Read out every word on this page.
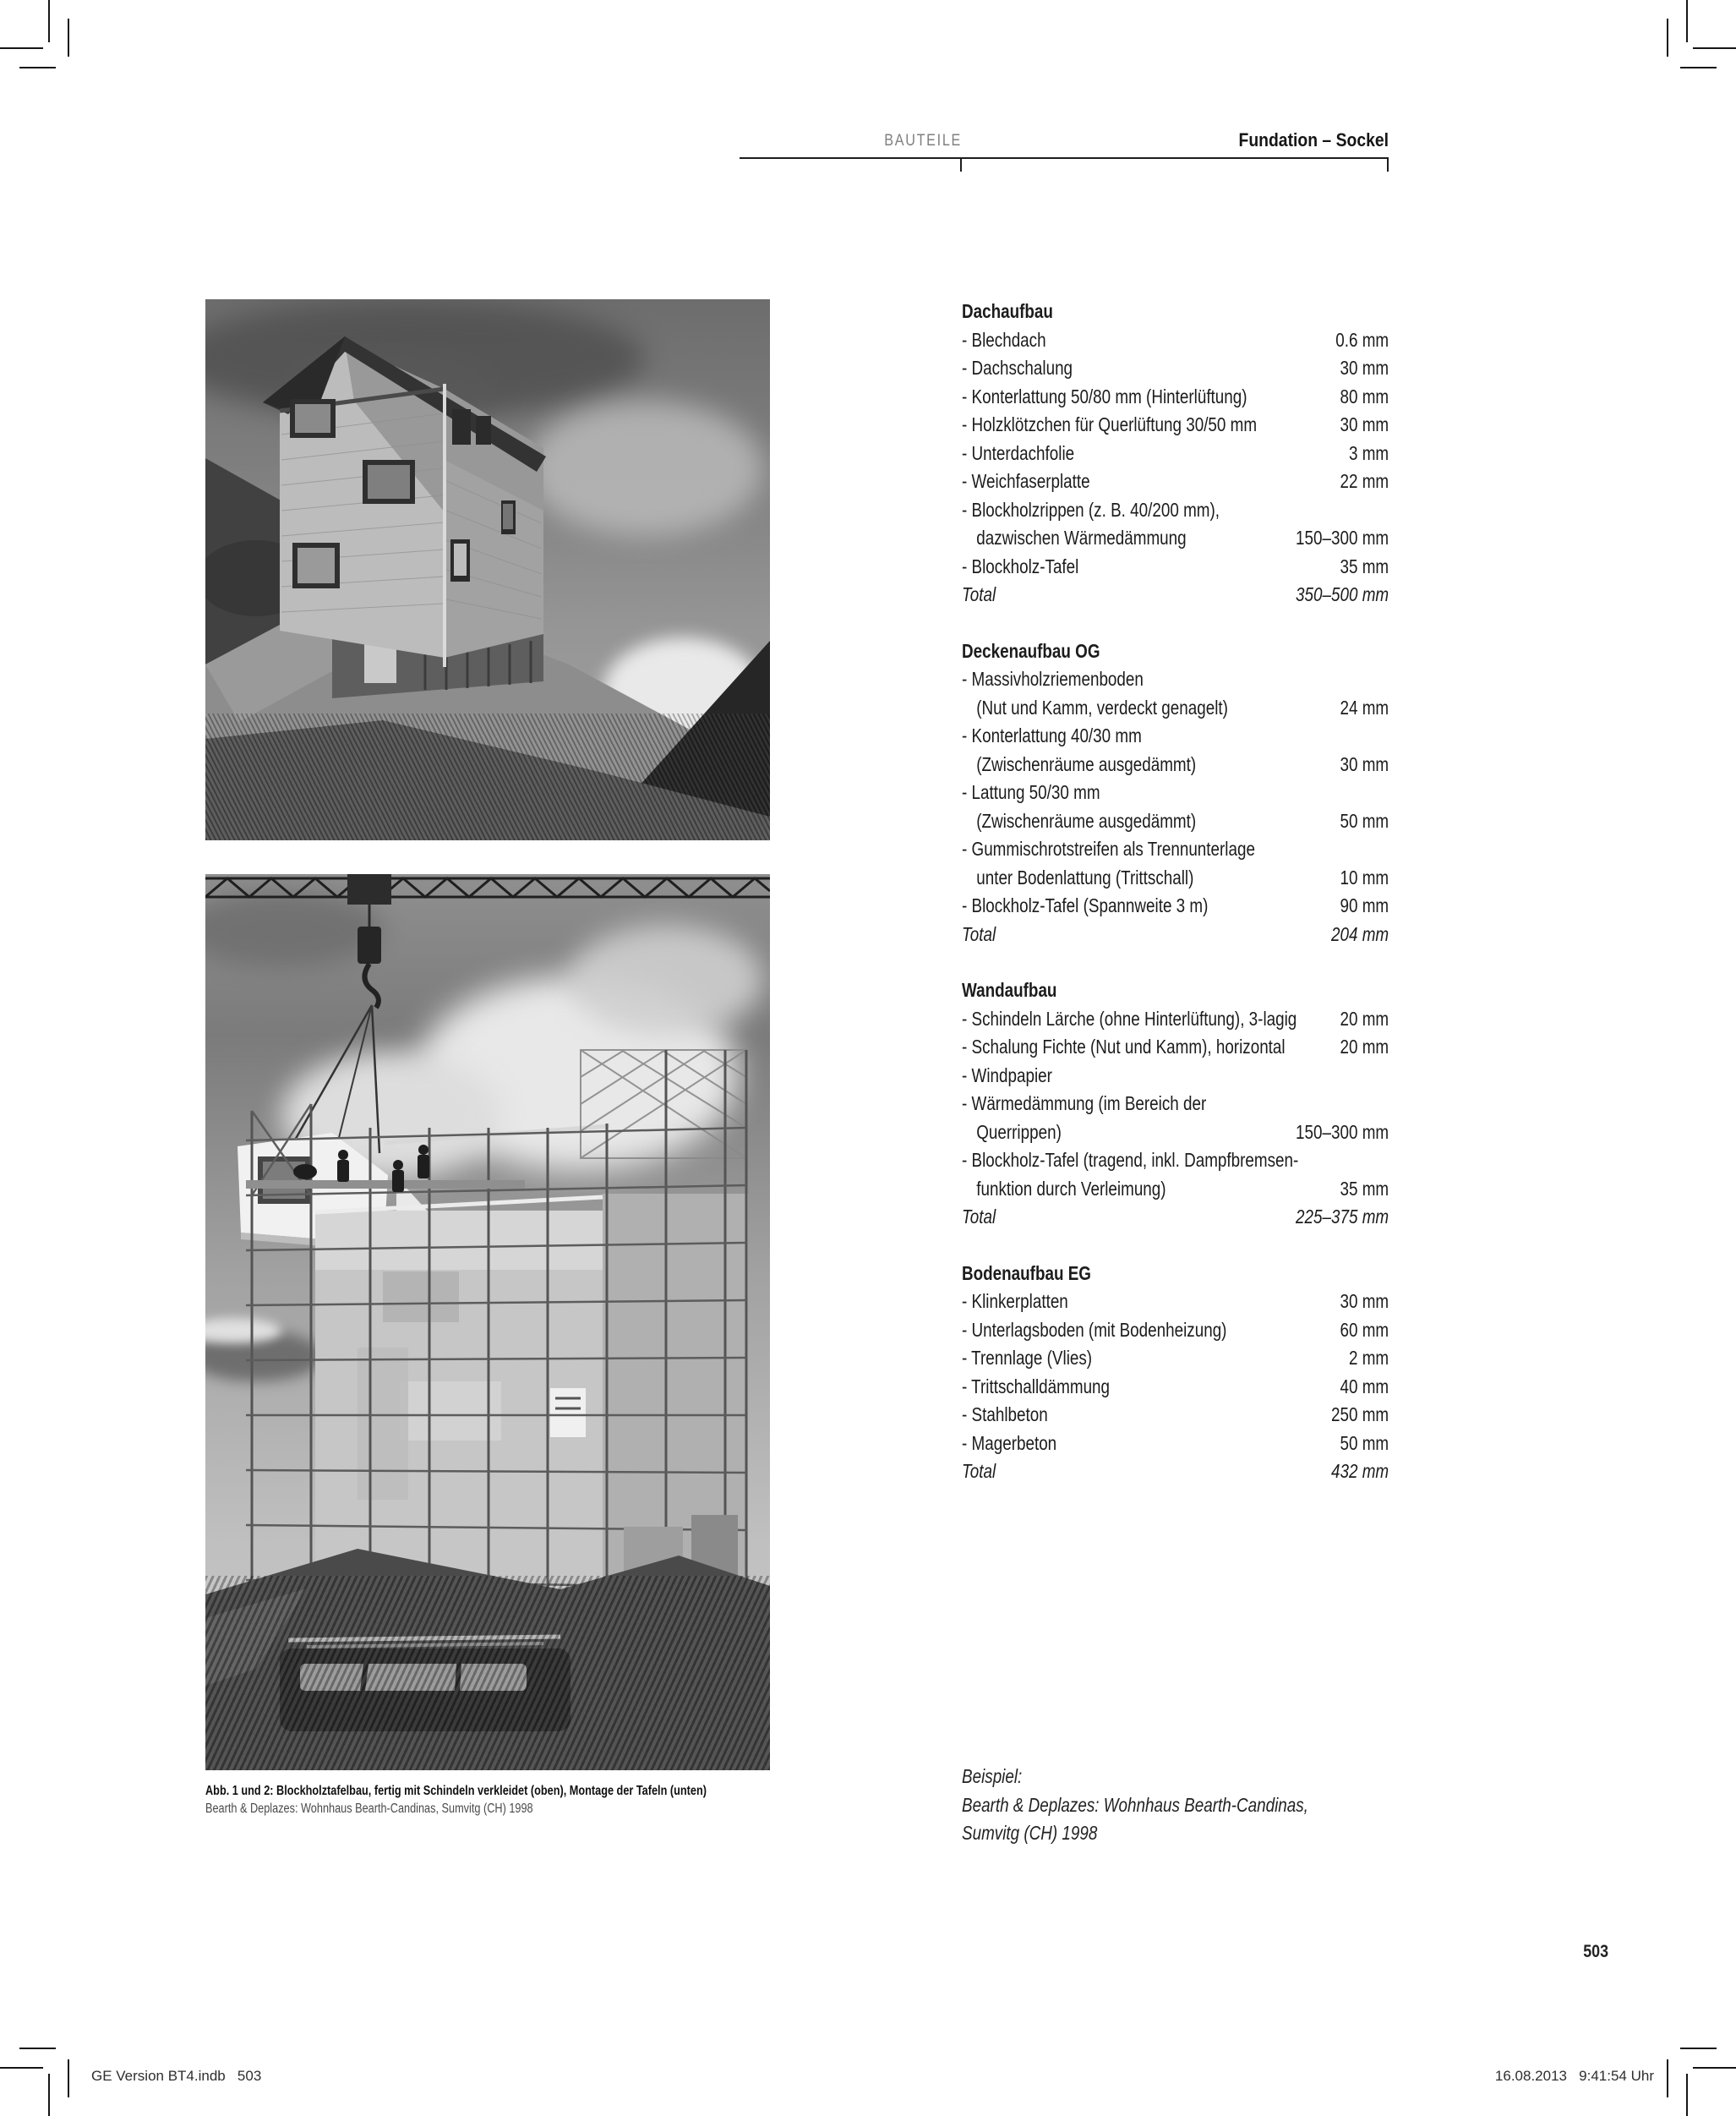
BAUTEILE	Fundation – Sockel
Dachaufbau
- Blechdach	0.6 mm
- Dachschalung	30 mm
- Konterlattung 50/80 mm (Hinterlüftung)	80 mm
- Holzklötzchen für Querlüftung 30/50 mm	30 mm
- Unterdachfolie	3 mm
- Weichfaserplatte	22 mm
- Blockholzrippen (z. B. 40/200 mm),
dazwischen Wärmedämmung	150–300 mm
- Blockholz-Tafel	35 mm
Total	350–500 mm
Deckenaufbau OG
- Massivholzriemenboden
(Nut und Kamm, verdeckt genagelt)	24 mm
- Konterlattung 40/30 mm
(Zwischenräume ausgedämmt)	30 mm
- Lattung 50/30 mm
(Zwischenräume ausgedämmt)	50 mm
- Gummischrotstreifen als Trennunterlage
unter Bodenlattung (Trittschall)	10 mm
- Blockholz-Tafel (Spannweite 3 m)	90 mm
Total	204 mm
Wandaufbau
- Schindeln Lärche (ohne Hinterlüftung), 3-lagig	20 mm
- Schalung Fichte (Nut und Kamm), horizontal	20 mm
- Windpapier
- Wärmedämmung (im Bereich der
Querrippen)	150–300 mm
- Blockholz-Tafel (tragend, inkl. Dampfbremsen-
funktion durch Verleimung)	35 mm
Total	225–375 mm
Bodenaufbau EG
- Klinkerplatten	30 mm
- Unterlagsboden (mit Bodenheizung)	60 mm
- Trennlage (Vlies)	2 mm
- Trittschalldämmung	40 mm
- Stahlbeton	250 mm
- Magerbeton	50 mm
Total	432 mm
Beispiel:
Bearth & Deplazes: Wohnhaus Bearth-Candinas,
Sumvitg (CH) 1998
Abb. 1 und 2: Blockholztafelbau, fertig mit Schindeln verkleidet (oben), Montage der Tafeln (unten)
Bearth & Deplazes: Wohnhaus Bearth-Candinas, Sumvitg (CH) 1998
503
GE Version BT4.indb   503	16.08.2013   9:41:54 Uhr
